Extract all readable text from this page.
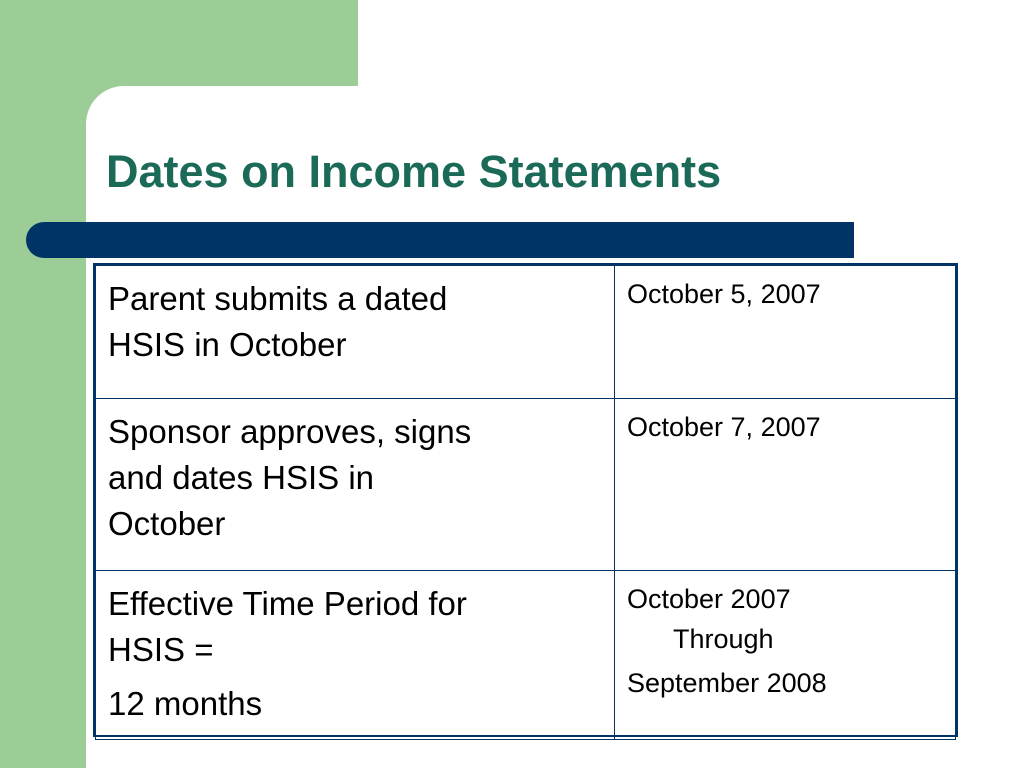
Dates on Income Statements
Parent submits a dated
HSIS in October	October 5, 2007

Sponsor approves, signs
and dates HSIS in
October	October 7, 2007

Effective Time Period for
HSIS =
12 months	October 2007
Through
September 2008
